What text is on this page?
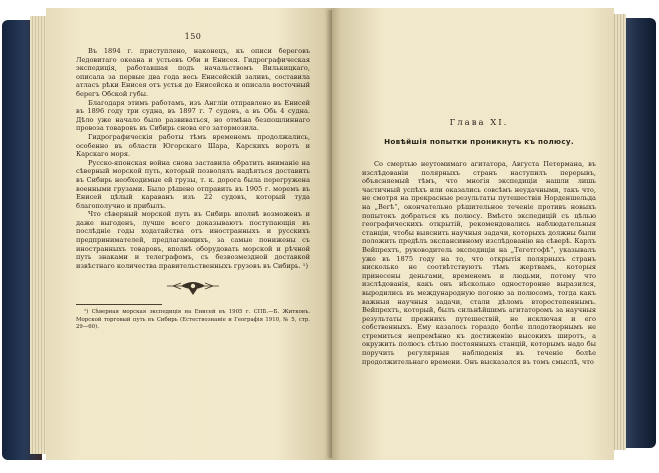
150

Въ 1894 г. приступлено, наконецъ, къ описи береговъ Ледовитаго океана и устьевъ Оби и Енисея. Гидрографическая экспедиція, работавшая подъ начальствомъ Вилькицкаго, описала за первые два года весь Енисейскій заливъ, составила атласъ рѣки Енисея отъ устья до Енисейска и описала восточный берегъ Обской губы.

Благодаря этимъ работамъ, изъ Англіи отправлено въ Енисей въ 1896 году три судна, въ 1897 г. 7 судовъ, а въ Обь 4 судна. Дѣло уже начало было развиваться, но отмѣна безпошлиннаго провоза товаровъ въ Сибирь снова его затормозила.

Гидрографическія работы тѣмъ временемъ продолжались, особенно въ области Югорскаго Шара, Карскихъ воротъ и Карскаго моря.

Русско-японская война снова заставила обратить вниманіе на сѣверный морской путь, который позволялъ надѣяться доставить въ Сибирь необходимые ей грузы, т. к. дорога была перегружена военными грузами. Было рѣшено отправить въ 1905 г. моремъ въ Енисей цѣлый караванъ изъ 22 судовъ, который туда благополучно и прибылъ.

Что сѣверный морской путь въ Сибирь вполнѣ возможенъ и даже выгоденъ, лучше всего доказываютъ поступающія въ послѣдніе годы ходатайства отъ иностранныхъ и русскихъ предпринимателей, предлагающихъ, за самые понижены съ иностранныхъ товаровъ, вполнѣ оборудовать морской и рѣчной путь знаками и телеграфомъ, съ безвозмездной доставкой извѣстнаго количества правительственныхъ грузовъ въ Сибирь. ¹)

¹) Сѣверная морская экспедиція на Енисей въ 1905 г. СПБ.—Б. Житковъ. Морской торговый путь въ Сибирь (Естествознаніе и Географія 1910, № 5, стр. 29—60).

Глава XI.

Новѣйшія попытки проникнуть къ полюсу.

Со смертью неутомимаго агитатора, Августа Петермана, въ изслѣдованіи полярныхъ странъ наступилъ перерывъ, объясняемый тѣмъ, что многія экспедиціи нашли лишь частичный успѣхъ или оказались совсѣмъ неудачными, такъ что, не смотря на прекрасные результаты путешествія Норденшельда на „Вегѣ“, окончательно рѣшительное теченіе противъ новыхъ попытокъ добраться къ полюсу. Вмѣсто экспедицій съ цѣлью географическихъ открытій, рекомендовались наблюдательныя станціи, чтобы выяснить научныя задачи, которыхъ должны были положить предѣлъ экспансивному изслѣдованію на сѣверѣ. Карлъ Вейпрехтъ, руководитель экспедиціи на „Тегетгофѣ“, указывалъ уже въ 1875 году на то, что открытія полярныхъ странъ нисколько не соотвѣтствуютъ тѣмъ жертвамъ, которыя принесены деньгами, временемъ и людьми, потому что изслѣдованія, какъ онъ нѣсколько односторонне выразился, выродились въ международную погоню за полюсомъ, тогда какъ важныя научныя задачи, стали дѣломъ второстепеннымъ. Вейпрехтъ, который, былъ сильнѣйшимъ агитаторомъ за научныя результаты прежнихъ путешествій, не исключая и его собственныхъ. Ему казалось гораздо болѣе плодотворнымъ не стремиться непремѣнно къ достиженію высокихъ широтъ, а окружить полюсъ сѣтью постоянныхъ станцій, которымъ надо бы поручить регулярныя наблюденія въ теченіе болѣе продолжительнаго времени. Онъ высказался въ томъ смыслѣ, что
